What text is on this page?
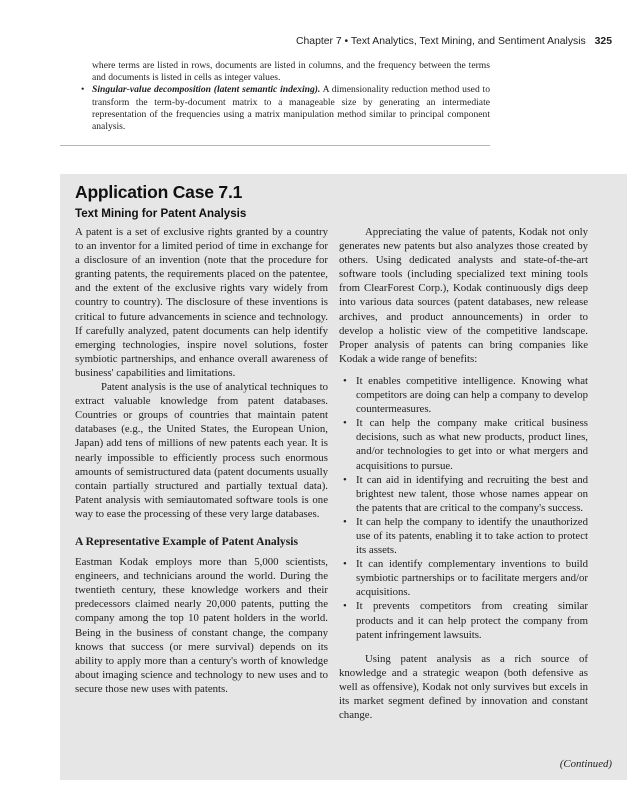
Chapter 7 • Text Analytics, Text Mining, and Sentiment Analysis 325

where terms are listed in rows, documents are listed in columns, and the frequency between the terms and documents is listed in cells as integer values.

• Singular-value decomposition (latent semantic indexing). A dimensionality reduction method used to transform the term-by-document matrix to a manageable size by generating an intermediate representation of the frequencies using a matrix manipulation method similar to principal component analysis.

Application Case 7.1
Text Mining for Patent Analysis

A patent is a set of exclusive rights granted by a country to an inventor for a limited period of time in exchange for a disclosure of an invention (note that the procedure for granting patents, the requirements placed on the patentee, and the extent of the exclusive rights vary widely from country to country). The disclosure of these inventions is critical to future advancements in science and technology. If carefully analyzed, patent documents can help identify emerging technologies, inspire novel solutions, foster symbiotic partnerships, and enhance overall awareness of business' capabilities and limitations.

Patent analysis is the use of analytical techniques to extract valuable knowledge from patent databases. Countries or groups of countries that maintain patent databases (e.g., the United States, the European Union, Japan) add tens of millions of new patents each year. It is nearly impossible to efficiently process such enormous amounts of semistructured data (patent documents usually contain partially structured and partially textual data). Patent analysis with semiautomated software tools is one way to ease the processing of these very large databases.

A Representative Example of Patent Analysis

Eastman Kodak employs more than 5,000 scientists, engineers, and technicians around the world. During the twentieth century, these knowledge workers and their predecessors claimed nearly 20,000 patents, putting the company among the top 10 patent holders in the world. Being in the business of constant change, the company knows that success (or mere survival) depends on its ability to apply more than a century's worth of knowledge about imaging science and technology to new uses and to secure those new uses with patents.

Appreciating the value of patents, Kodak not only generates new patents but also analyzes those created by others. Using dedicated analysts and state-of-the-art software tools (including specialized text mining tools from ClearForest Corp.), Kodak continuously digs deep into various data sources (patent databases, new release archives, and product announcements) in order to develop a holistic view of the competitive landscape. Proper analysis of patents can bring companies like Kodak a wide range of benefits:

• It enables competitive intelligence. Knowing what competitors are doing can help a company to develop countermeasures.
• It can help the company make critical business decisions, such as what new products, product lines, and/or technologies to get into or what mergers and acquisitions to pursue.
• It can aid in identifying and recruiting the best and brightest new talent, those whose names appear on the patents that are critical to the company's success.
• It can help the company to identify the unauthorized use of its patents, enabling it to take action to protect its assets.
• It can identify complementary inventions to build symbiotic partnerships or to facilitate mergers and/or acquisitions.
• It prevents competitors from creating similar products and it can help protect the company from patent infringement lawsuits.

Using patent analysis as a rich source of knowledge and a strategic weapon (both defensive as well as offensive), Kodak not only survives but excels in its market segment defined by innovation and constant change.

(Continued)
